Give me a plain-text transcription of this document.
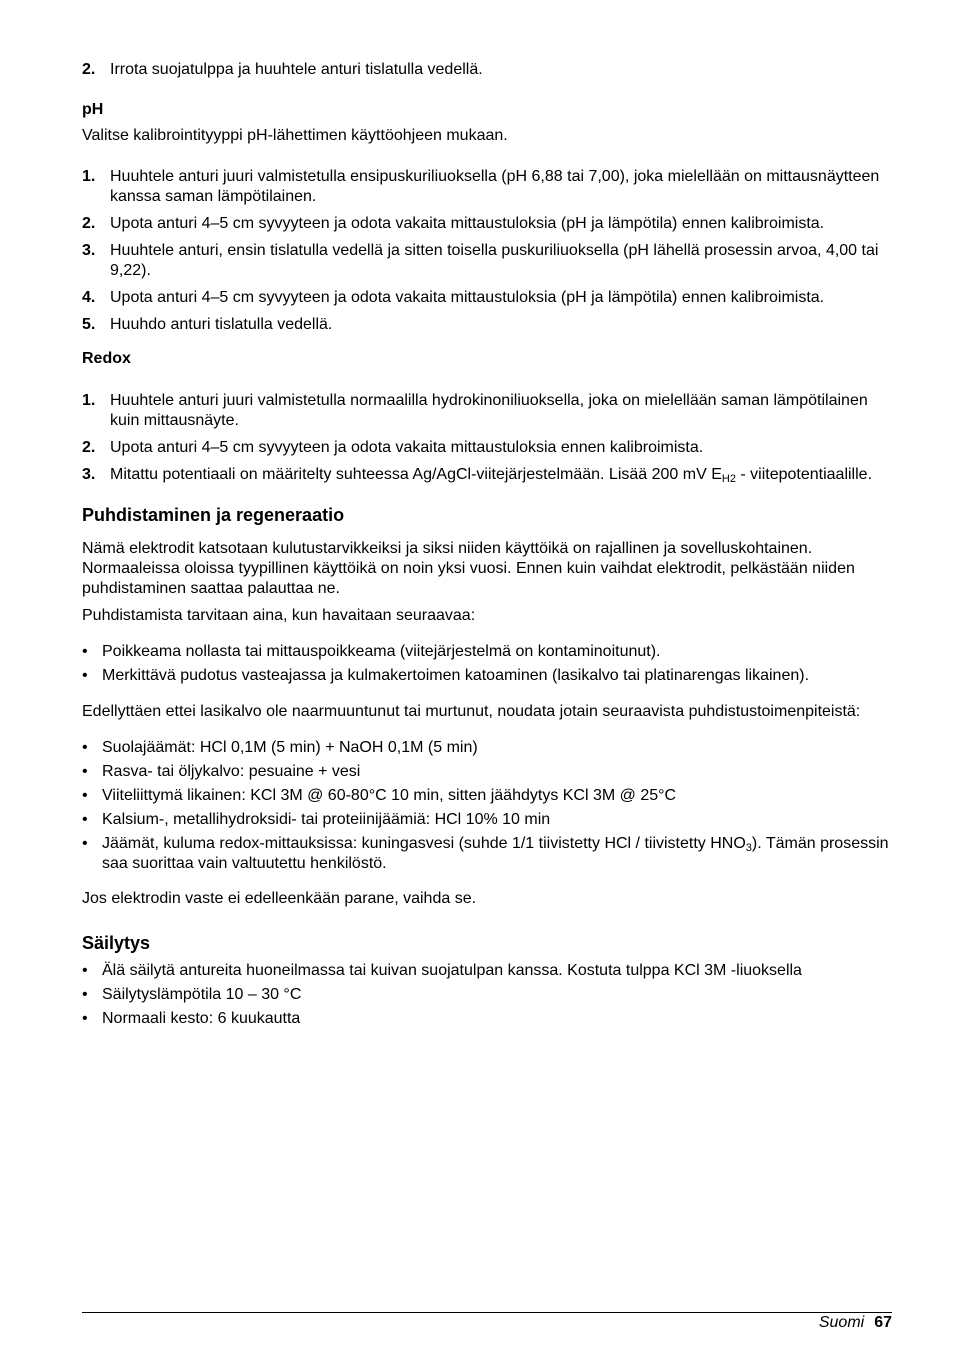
2. Irrota suojatulppa ja huuhtele anturi tislatulla vedellä.
pH

Valitse kalibrointityyppi pH-lähettimen käyttöohjeen mukaan.

1. Huuhtele anturi juuri valmistetulla ensipuskuriliuoksella (pH 6,88 tai 7,00), joka mielellään on mittausnäytteen kanssa saman lämpötilainen.
2. Upota anturi 4–5 cm syvyyteen ja odota vakaita mittaustuloksia (pH ja lämpötila) ennen kalibroimista.
3. Huuhtele anturi, ensin tislatulla vedellä ja sitten toisella puskuriliuoksella (pH lähellä prosessin arvoa, 4,00 tai 9,22).
4. Upota anturi 4–5 cm syvyyteen ja odota vakaita mittaustuloksia (pH ja lämpötila) ennen kalibroimista.
5. Huuhdo anturi tislatulla vedellä.
Redox
1. Huuhtele anturi juuri valmistetulla normaalilla hydrokinoniliuoksella, joka on mielellään saman lämpötilainen kuin mittausnäyte.
2. Upota anturi 4–5 cm syvyyteen ja odota vakaita mittaustuloksia ennen kalibroimista.
3. Mitattu potentiaali on määritelty suhteessa Ag/AgCl-viitejärjestelmään. Lisää 200 mV $E_{H2}$ - viitepotentiaalille.
Puhdistaminen ja regeneraatio

Nämä elektrodit katsotaan kulutustarvikkeiksi ja siksi niiden käyttöikä on rajallinen ja sovelluskohtainen. Normaaleissa oloissa tyypillinen käyttöikä on noin yksi vuosi. Ennen kuin vaihdat elektrodit, pelkästään niiden puhdistaminen saattaa palauttaa ne.

Puhdistamista tarvitaan aina, kun havaitaan seuraavaa:

• Poikkeama nollasta tai mittauspoikkeama (viitejärjestelmä on kontaminoitunut).
• Merkittävä pudotus vasteajassa ja kulmakertoimen katoaminen (lasikalvo tai platinarengas likainen).

Edellyttäen ettei lasikalvo ole naarmuuntunut tai murtunut, noudata jotain seuraavista puhdistustoimenpiteistä:

• Suolajäämät: HCl 0,1M (5 min) + NaOH 0,1M (5 min)
• Rasva- tai öljykalvo: pesuaine + vesi
• Viiteliittymä likainen: KCl 3M @ 60-80°C 10 min, sitten jäähdytys KCl 3M @ 25°C
• Kalsium-, metallihydroksidi- tai proteiinijäämiä: HCl 10% 10 min
• Jäämät, kuluma redox-mittauksissa: kuningasvesi (suhde 1/1 tiivistetty HCl / tiivistetty $HNO_3$). Tämän prosessin saa suorittaa vain valtuutettu henkilöstö.

Jos elektrodin vaste ei edelleenkään parane, vaihda se.

Säilytys
• Älä säilytä antureita huoneilmassa tai kuivan suojatulpan kanssa. Kostuta tulppa KCl 3M -liuoksella
• Säilytyslämpötila 10 – 30 °C
• Normaali kesto: 6 kuukautta
Suomi 67
